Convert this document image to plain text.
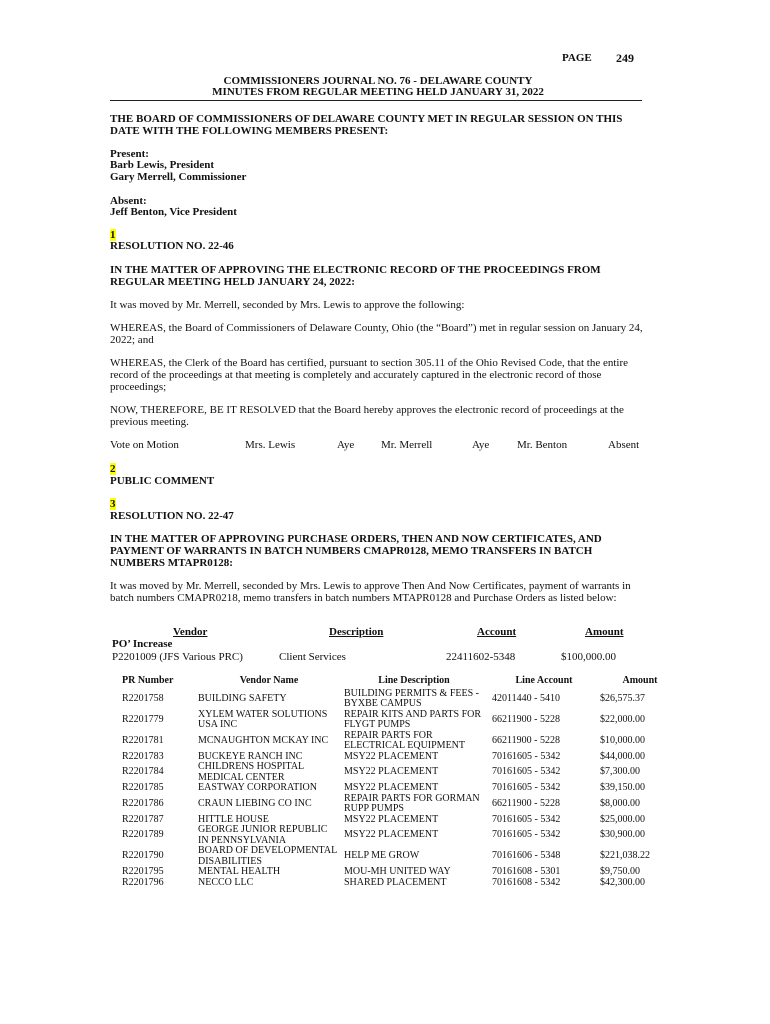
PAGE 249
COMMISSIONERS JOURNAL NO. 76 - DELAWARE COUNTY
MINUTES FROM REGULAR MEETING HELD JANUARY 31, 2022
THE BOARD OF COMMISSIONERS OF DELAWARE COUNTY MET IN REGULAR SESSION ON THIS DATE WITH THE FOLLOWING MEMBERS PRESENT:
Present:
Barb Lewis, President
Gary Merrell, Commissioner
Absent:
Jeff Benton, Vice President
1
RESOLUTION NO. 22-46
IN THE MATTER OF APPROVING THE ELECTRONIC RECORD OF THE PROCEEDINGS FROM REGULAR MEETING HELD JANUARY 24, 2022:
It was moved by Mr. Merrell, seconded by Mrs. Lewis to approve the following:
WHEREAS, the Board of Commissioners of Delaware County, Ohio (the “Board”) met in regular session on January 24, 2022; and
WHEREAS, the Clerk of the Board has certified, pursuant to section 305.11 of the Ohio Revised Code, that the entire record of the proceedings at that meeting is completely and accurately captured in the electronic record of those proceedings;
NOW, THEREFORE, BE IT RESOLVED that the Board hereby approves the electronic record of proceedings at the previous meeting.
Vote on Motion	Mrs. Lewis	Aye Mr. Merrell	Aye	Mr. Benton	Absent
2
PUBLIC COMMENT
3
RESOLUTION NO. 22-47
IN THE MATTER OF APPROVING PURCHASE ORDERS, THEN AND NOW CERTIFICATES, AND PAYMENT OF WARRANTS IN BATCH NUMBERS CMAPR0128, MEMO TRANSFERS IN BATCH NUMBERS MTAPR0128:
It was moved by Mr. Merrell, seconded by Mrs. Lewis to approve Then And Now Certificates, payment of warrants in batch numbers CMAPR0218, memo transfers in batch numbers MTAPR0128 and Purchase Orders as listed below:
Vendor	Description	Account	Amount
PO’ Increase
P2201009 (JFS Various PRC)	Client Services	22411602-5348	$100,000.00
PR Number	Vendor Name	Line Description	Line Account	Amount
R2201758	BUILDING SAFETY	BUILDING PERMITS & FEES - BYXBE CAMPUS	42011440 - 5410	$26,575.37
R2201779	XYLEM WATER SOLUTIONS USA INC	REPAIR KITS AND PARTS FOR FLYGT PUMPS	66211900 - 5228	$22,000.00
R2201781	MCNAUGHTON MCKAY INC	REPAIR PARTS FOR ELECTRICAL EQUIPMENT	66211900 - 5228	$10,000.00
R2201783	BUCKEYE RANCH INC	MSY22 PLACEMENT	70161605 - 5342	$44,000.00
R2201784	CHILDRENS HOSPITAL MEDICAL CENTER	MSY22 PLACEMENT	70161605 - 5342	$7,300.00
R2201785	EASTWAY CORPORATION	MSY22 PLACEMENT	70161605 - 5342	$39,150.00
R2201786	CRAUN LIEBING CO INC	REPAIR PARTS FOR GORMAN RUPP PUMPS	66211900 - 5228	$8,000.00
R2201787	HITTLE HOUSE	MSY22 PLACEMENT	70161605 - 5342	$25,000.00
R2201789	GEORGE JUNIOR REPUBLIC IN PENNSYLVANIA	MSY22 PLACEMENT	70161605 - 5342	$30,900.00
R2201790	BOARD OF DEVELOPMENTAL DISABILITIES	HELP ME GROW	70161606 - 5348	$221,038.22
R2201795	MENTAL HEALTH	MOU-MH UNITED WAY	70161608 - 5301	$9,750.00
R2201796	NECCO LLC	SHARED PLACEMENT	70161608 - 5342	$42,300.00
